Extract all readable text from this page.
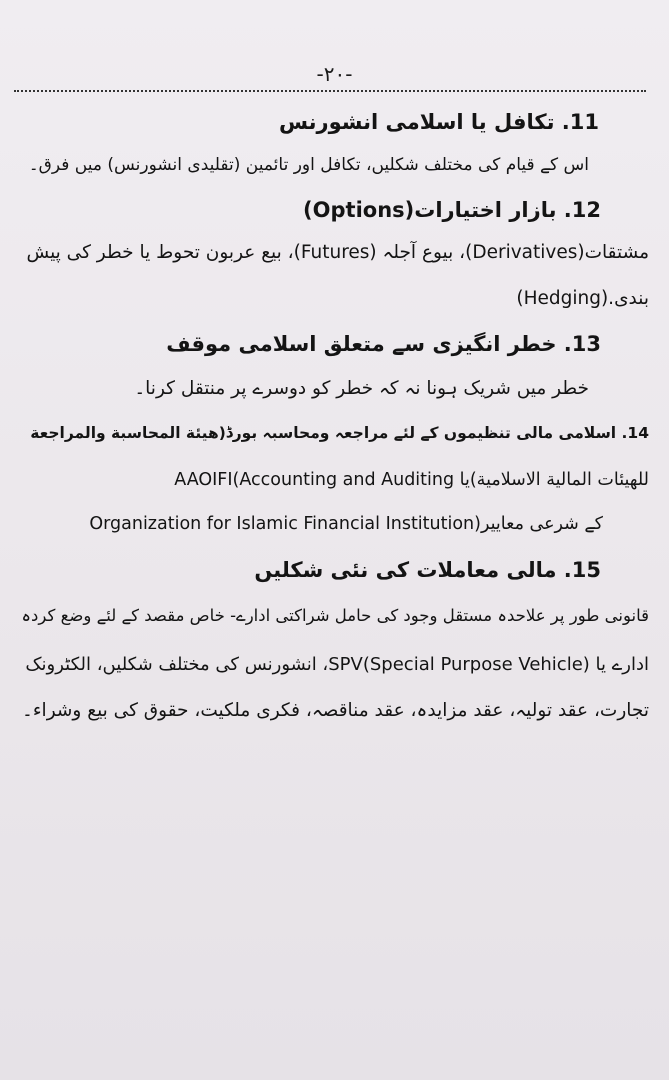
-۲۰-
11. تکافل یا اسلامی انشورنس
اس کے قیام کی مختلف شکلیں، تکافل اور تائمین (تقلیدی انشورنس) میں فرق۔
12. بازار اختیارات(Options)
مشتقات(Derivatives)، بیوع آجلہ (Futures)، بیع عربون تحوط یا خطر کی پیش
بندی.(Hedging)
13. خطر انگیزی سے متعلق اسلامی موقف
خطر میں شریک ہونا نہ کہ خطر کو دوسرے پر منتقل کرنا۔
14. اسلامی مالی تنظیموں کے لئے مراجعہ ومحاسبہ بورڈ(هيئة المحاسبة والمراجعة
للهيئات المالية الاسلامية)يا AAOIFI(Accounting and Auditing
Organization for Islamic Financial Institution)کے شرعی معاییر
15. مالی معاملات کی نئی شکلیں
قانونی طور پر علاحدہ مستقل وجود کی حامل شراکتی ادارے- خاص مقصد کے لئے وضع کردہ
ادارے یا SPV(Special Purpose Vehicle)، انشورنس کی مختلف شکلیں، الکٹرونک
تجارت، عقد تولیہ، عقد مزایدہ، عقد مناقصہ، فکری ملکیت، حقوق کی بیع وشراء۔
